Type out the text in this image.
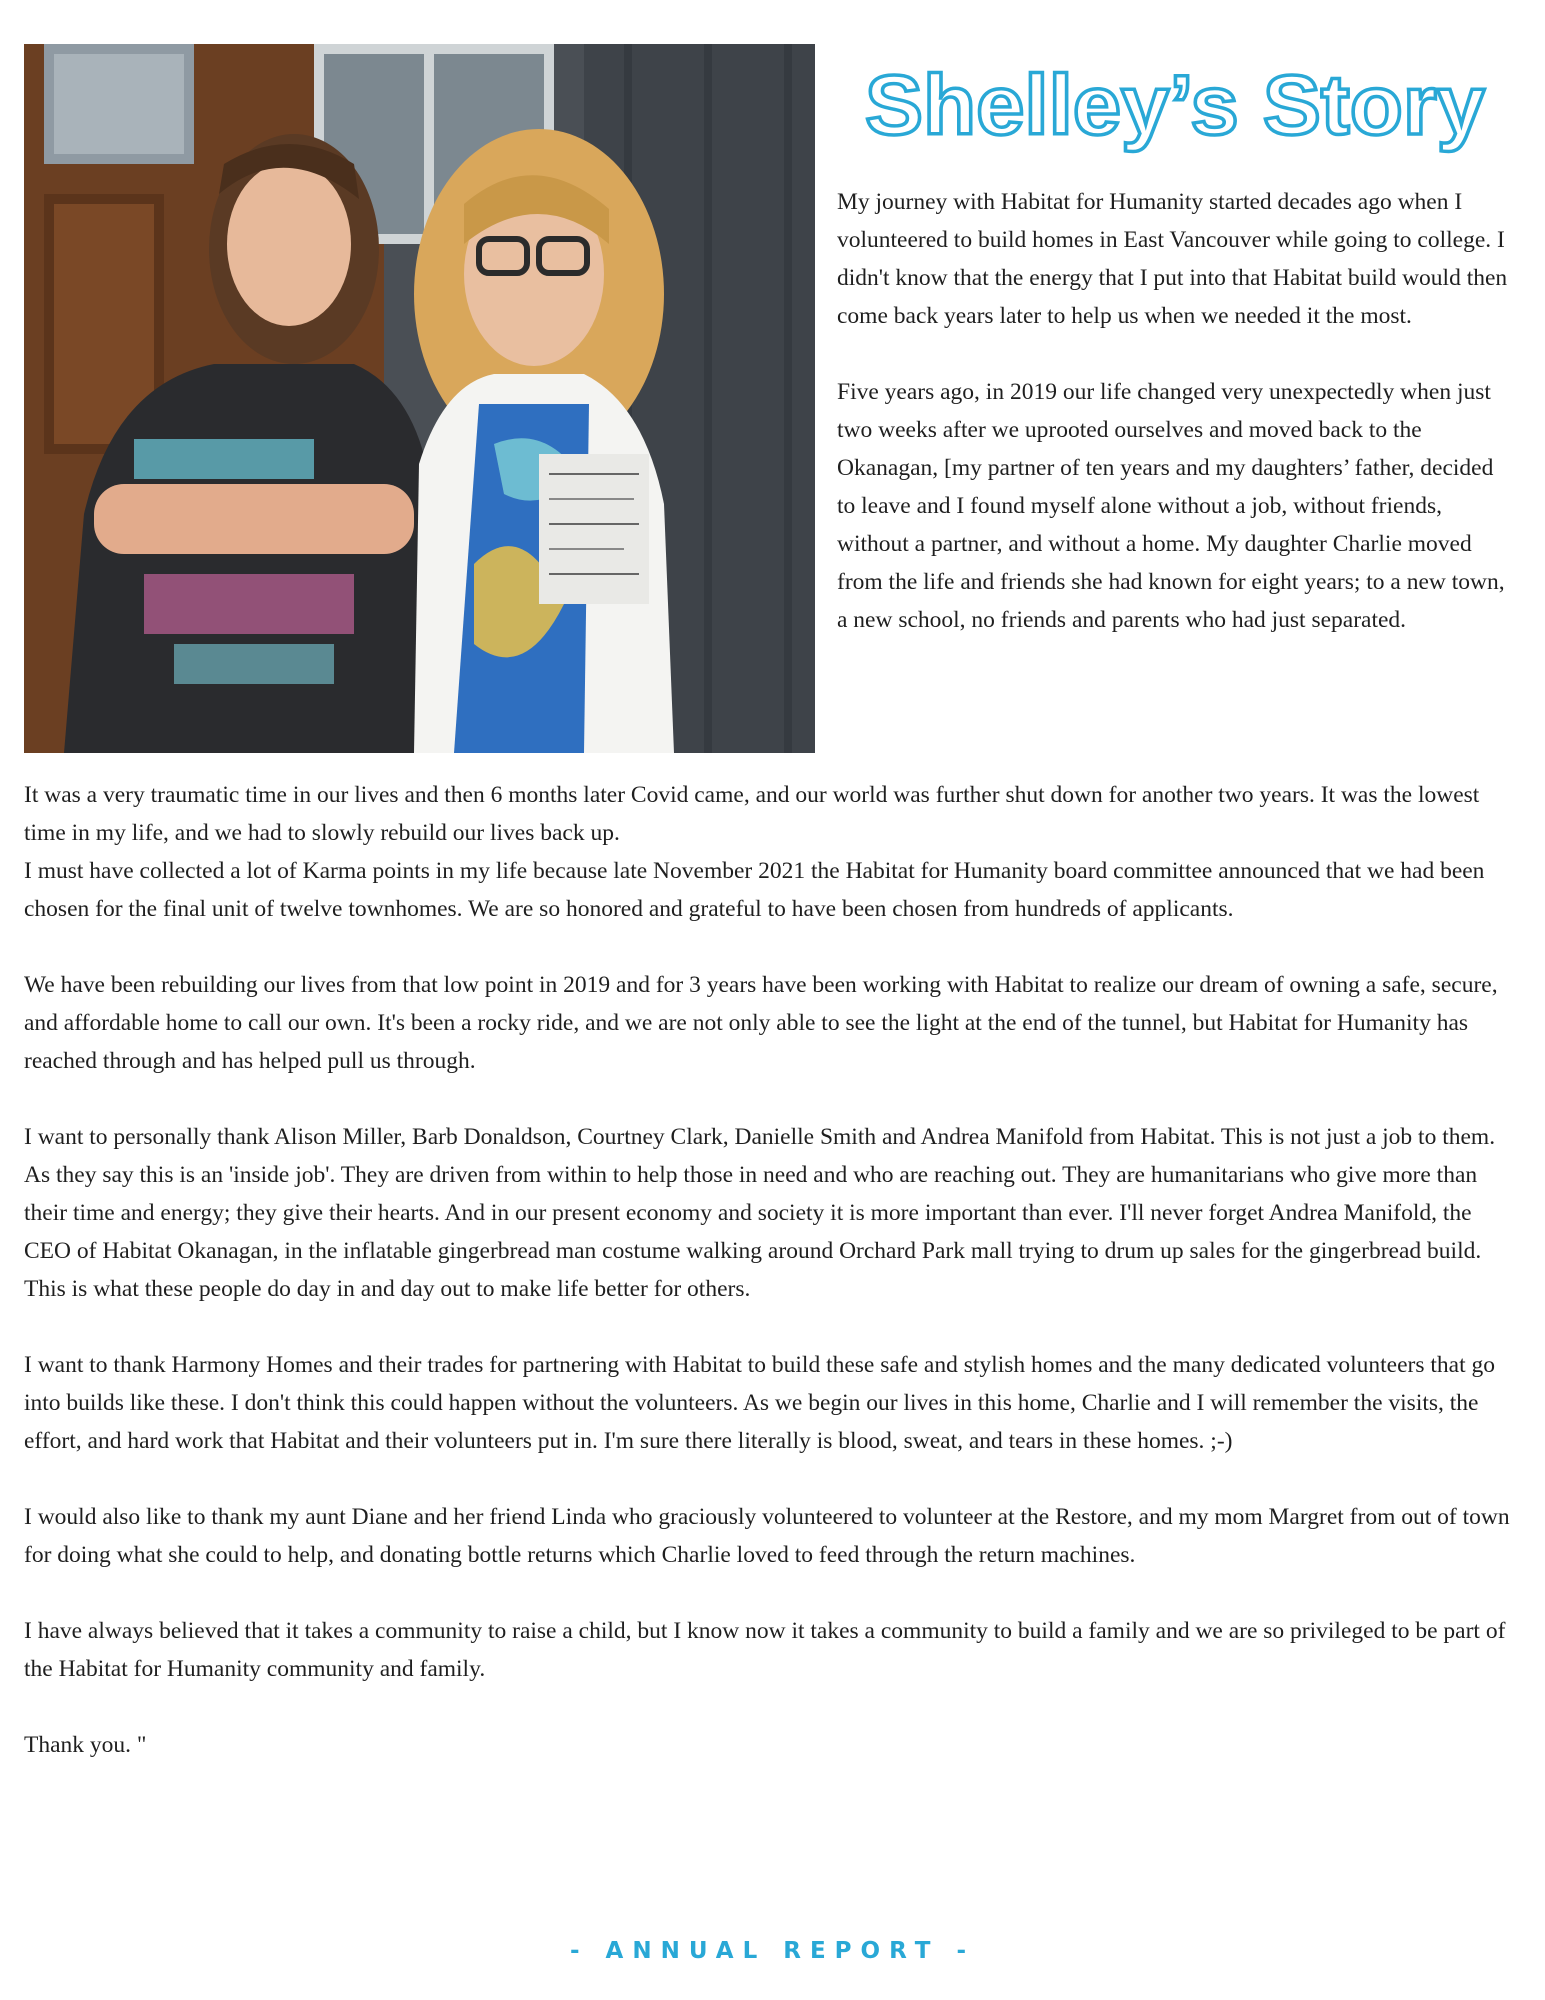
Shelley’s Story

My journey with Habitat for Humanity started decades ago when I volunteered to build homes in East Vancouver while going to college. I didn't know that the energy that I put into that Habitat build would then come back years later to help us when we needed it the most.

Five years ago, in 2019 our life changed very unexpectedly when just two weeks after we uprooted ourselves and moved back to the Okanagan, [my partner of ten years and my daughters’ father, decided to leave and I found myself alone without a job, without friends, without a partner, and without a home. My daughter Charlie moved from the life and friends she had known for eight years; to a new town, a new school, no friends and parents who had just separated.

It was a very traumatic time in our lives and then 6 months later Covid came, and our world was further shut down for another two years. It was the lowest time in my life, and we had to slowly rebuild our lives back up.

I must have collected a lot of Karma points in my life because late November 2021 the Habitat for Humanity board committee announced that we had been chosen for the final unit of twelve townhomes. We are so honored and grateful to have been chosen from hundreds of applicants.

We have been rebuilding our lives from that low point in 2019 and for 3 years have been working with Habitat to realize our dream of owning a safe, secure, and affordable home to call our own. It's been a rocky ride, and we are not only able to see the light at the end of the tunnel, but Habitat for Humanity has reached through and has helped pull us through.

I want to personally thank Alison Miller, Barb Donaldson, Courtney Clark, Danielle Smith and Andrea Manifold from Habitat. This is not just a job to them. As they say this is an 'inside job'. They are driven from within to help those in need and who are reaching out. They are humanitarians who give more than their time and energy; they give their hearts. And in our present economy and society it is more important than ever. I'll never forget Andrea Manifold, the CEO of Habitat Okanagan, in the inflatable gingerbread man costume walking around Orchard Park mall trying to drum up sales for the gingerbread build. This is what these people do day in and day out to make life better for others.

I want to thank Harmony Homes and their trades for partnering with Habitat to build these safe and stylish homes and the many dedicated volunteers that go into builds like these. I don't think this could happen without the volunteers. As we begin our lives in this home, Charlie and I will remember the visits, the effort, and hard work that Habitat and their volunteers put in. I'm sure there literally is blood, sweat, and tears in these homes. ;-)

I would also like to thank my aunt Diane and her friend Linda who graciously volunteered to volunteer at the Restore, and my mom Margret from out of town for doing what she could to help, and donating bottle returns which Charlie loved to feed through the return machines.

I have always believed that it takes a community to raise a child, but I know now it takes a community to build a family and we are so privileged to be part of the Habitat for Humanity community and family.

Thank you. "

- ANNUAL REPORT -
